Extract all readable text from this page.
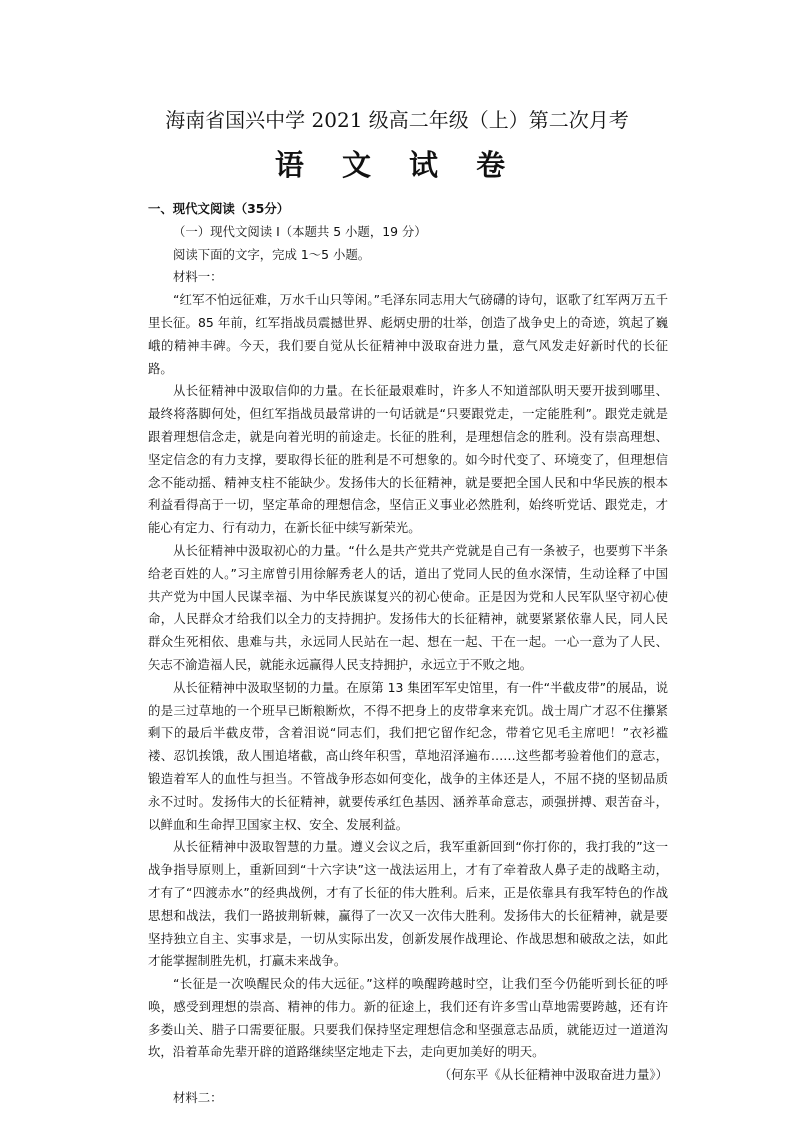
海南省国兴中学 2021 级高二年级（上）第二次月考
语 文 试 卷

一、现代文阅读（35分）

（一）现代文阅读 I（本题共 5 小题，19 分）

阅读下面的文字，完成 1～5 小题。

材料一：

“红军不怕远征难，万水千山只等闲。”毛泽东同志用大气磅礴的诗句，讴歌了红军两万五千里长征。85 年前，红军指战员震撼世界、彪炳史册的壮举，创造了战争史上的奇迹，筑起了巍峨的精神丰碑。今天，我们要自觉从长征精神中汲取奋进力量，意气风发走好新时代的长征路。

从长征精神中汲取信仰的力量。在长征最艰难时，许多人不知道部队明天要开拔到哪里、最终将落脚何处，但红军指战员最常讲的一句话就是“只要跟党走，一定能胜利”。跟党走就是跟着理想信念走，就是向着光明的前途走。长征的胜利，是理想信念的胜利。没有崇高理想、坚定信念的有力支撑，要取得长征的胜利是不可想象的。如今时代变了、环境变了，但理想信念不能动摇、精神支柱不能缺少。发扬伟大的长征精神，就是要把全国人民和中华民族的根本利益看得高于一切，坚定革命的理想信念，坚信正义事业必然胜利，始终听党话、跟党走，才能心有定力、行有动力，在新长征中续写新荣光。

从长征精神中汲取初心的力量。“什么是共产党共产党就是自己有一条被子，也要剪下半条给老百姓的人。”习主席曾引用徐解秀老人的话，道出了党同人民的鱼水深情，生动诠释了中国共产党为中国人民谋幸福、为中华民族谋复兴的初心使命。正是因为党和人民军队坚守初心使命，人民群众才给我们以全力的支持拥护。发扬伟大的长征精神，就要紧紧依靠人民，同人民群众生死相依、患难与共，永远同人民站在一起、想在一起、干在一起。一心一意为了人民、矢志不渝造福人民，就能永远赢得人民支持拥护，永远立于不败之地。

从长征精神中汲取坚韧的力量。在原第 13 集团军军史馆里，有一件“半截皮带”的展品，说的是三过草地的一个班早已断粮断炊，不得不把身上的皮带拿来充饥。战士周广才忍不住攥紧剩下的最后半截皮带，含着泪说“同志们，我们把它留作纪念，带着它见毛主席吧！”衣衫褴褛、忍饥挨饿，敌人围追堵截，高山终年积雪，草地沼泽遍布……这些都考验着他们的意志，锻造着军人的血性与担当。不管战争形态如何变化，战争的主体还是人，不屈不挠的坚韧品质永不过时。发扬伟大的长征精神，就要传承红色基因、涵养革命意志，顽强拼搏、艰苦奋斗，以鲜血和生命捍卫国家主权、安全、发展利益。

从长征精神中汲取智慧的力量。遵义会议之后，我军重新回到“你打你的，我打我的”这一战争指导原则上，重新回到“十六字诀”这一战法运用上，才有了牵着敌人鼻子走的战略主动，才有了“四渡赤水”的经典战例，才有了长征的伟大胜利。后来，正是依靠具有我军特色的作战思想和战法，我们一路披荆斩棘，赢得了一次又一次伟大胜利。发扬伟大的长征精神，就是要坚持独立自主、实事求是，一切从实际出发，创新发展作战理论、作战思想和破敌之法，如此才能掌握制胜先机，打赢未来战争。

“长征是一次唤醒民众的伟大远征。”这样的唤醒跨越时空，让我们至今仍能听到长征的呼唤，感受到理想的崇高、精神的伟力。新的征途上，我们还有许多雪山草地需要跨越，还有许多娄山关、腊子口需要征服。只要我们保持坚定理想信念和坚强意志品质，就能迈过一道道沟坎，沿着革命先辈开辟的道路继续坚定地走下去，走向更加美好的明天。

（何东平《从长征精神中汲取奋进力量》）

材料二：
